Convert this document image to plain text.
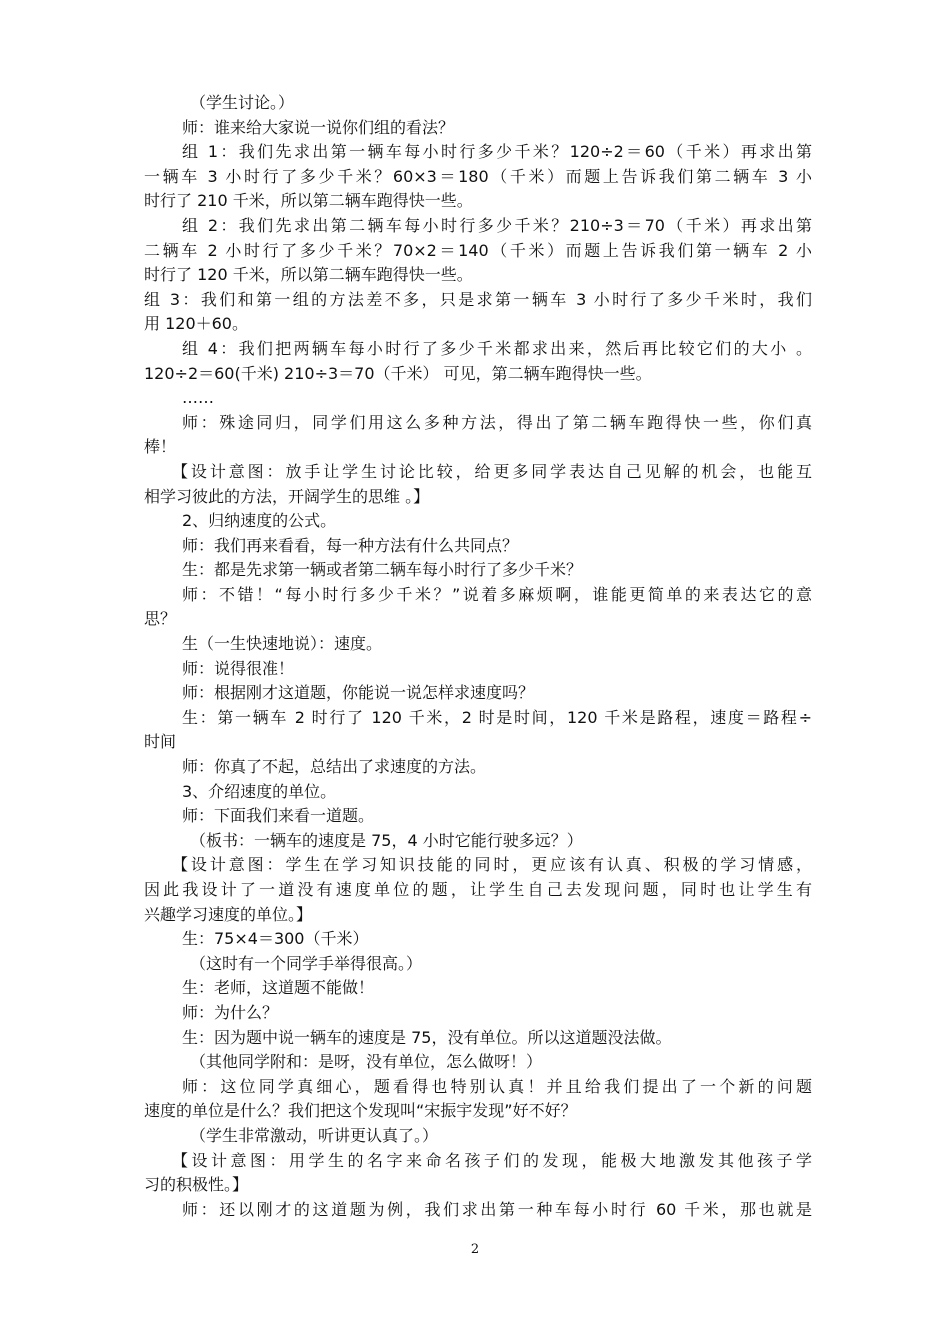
（学生讨论。）
师：谁来给大家说一说你们组的看法？
组 1：我们先求出第一辆车每小时行多少千米？120÷2＝60（千米）再求出第
一辆车 3 小时行了多少千米？60×3＝180（千米）而题上告诉我们第二辆车 3 小
时行了 210 千米，所以第二辆车跑得快一些。
组 2：我们先求出第二辆车每小时行多少千米？210÷3＝70（千米）再求出第
二辆车 2 小时行了多少千米？70×2＝140（千米）而题上告诉我们第一辆车 2 小
时行了 120 千米，所以第二辆车跑得快一些。
组 3：我们和第一组的方法差不多，只是求第一辆车 3 小时行了多少千米时，我们
用 120＋60。
组 4：我们把两辆车每小时行了多少千米都求出来，然后再比较它们的大小 。
120÷2＝60(千米) 210÷3＝70（千米） 可见，第二辆车跑得快一些。
……
师：殊途同归，同学们用这么多种方法，得出了第二辆车跑得快一些，你们真
棒！
【设计意图：放手让学生讨论比较，给更多同学表达自己见解的机会，也能互
相学习彼此的方法，开阔学生的思维 。】
2、归纳速度的公式。
师：我们再来看看，每一种方法有什么共同点？
生：都是先求第一辆或者第二辆车每小时行了多少千米？
师：不错！“每小时行多少千米？”说着多麻烦啊，谁能更简单的来表达它的意
思？
生（一生快速地说）：速度。
师：说得很准！
师：根据刚才这道题，你能说一说怎样求速度吗？
生：第一辆车 2 时行了 120 千米，2 时是时间，120 千米是路程，速度＝路程÷
时间
师：你真了不起，总结出了求速度的方法。
3、介绍速度的单位。
师：下面我们来看一道题。
（板书：一辆车的速度是 75，4 小时它能行驶多远？）
【设计意图：学生在学习知识技能的同时，更应该有认真、积极的学习情感，
因此我设计了一道没有速度单位的题，让学生自己去发现问题，同时也让学生有
兴趣学习速度的单位。】
生：75×4＝300（千米）
（这时有一个同学手举得很高。）
生：老师，这道题不能做！
师：为什么？
生：因为题中说一辆车的速度是 75，没有单位。所以这道题没法做。
（其他同学附和：是呀，没有单位，怎么做呀！）
师：这位同学真细心，题看得也特别认真！并且给我们提出了一个新的问题
速度的单位是什么？我们把这个发现叫“宋振宇发现”好不好？
（学生非常激动，听讲更认真了。）
【设计意图：用学生的名字来命名孩子们的发现，能极大地激发其他孩子学
习的积极性。】
师：还以刚才的这道题为例，我们求出第一种车每小时行 60 千米，那也就是
2
